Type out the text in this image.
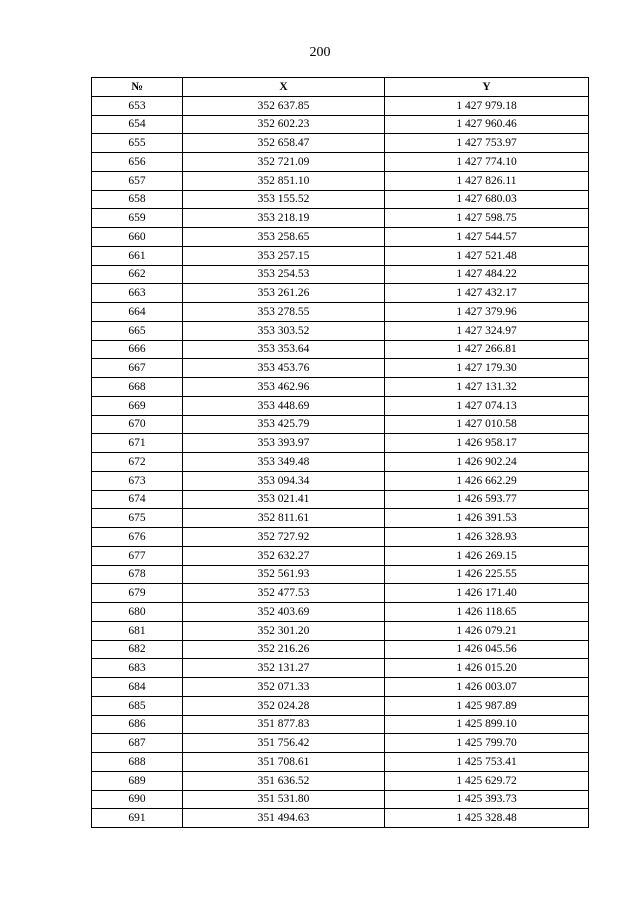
200
№	X	Y
653	352 637.85	1 427 979.18
654	352 602.23	1 427 960.46
655	352 658.47	1 427 753.97
656	352 721.09	1 427 774.10
657	352 851.10	1 427 826.11
658	353 155.52	1 427 680.03
659	353 218.19	1 427 598.75
660	353 258.65	1 427 544.57
661	353 257.15	1 427 521.48
662	353 254.53	1 427 484.22
663	353 261.26	1 427 432.17
664	353 278.55	1 427 379.96
665	353 303.52	1 427 324.97
666	353 353.64	1 427 266.81
667	353 453.76	1 427 179.30
668	353 462.96	1 427 131.32
669	353 448.69	1 427 074.13
670	353 425.79	1 427 010.58
671	353 393.97	1 426 958.17
672	353 349.48	1 426 902.24
673	353 094.34	1 426 662.29
674	353 021.41	1 426 593.77
675	352 811.61	1 426 391.53
676	352 727.92	1 426 328.93
677	352 632.27	1 426 269.15
678	352 561.93	1 426 225.55
679	352 477.53	1 426 171.40
680	352 403.69	1 426 118.65
681	352 301.20	1 426 079.21
682	352 216.26	1 426 045.56
683	352 131.27	1 426 015.20
684	352 071.33	1 426 003.07
685	352 024.28	1 425 987.89
686	351 877.83	1 425 899.10
687	351 756.42	1 425 799.70
688	351 708.61	1 425 753.41
689	351 636.52	1 425 629.72
690	351 531.80	1 425 393.73
691	351 494.63	1 425 328.48
